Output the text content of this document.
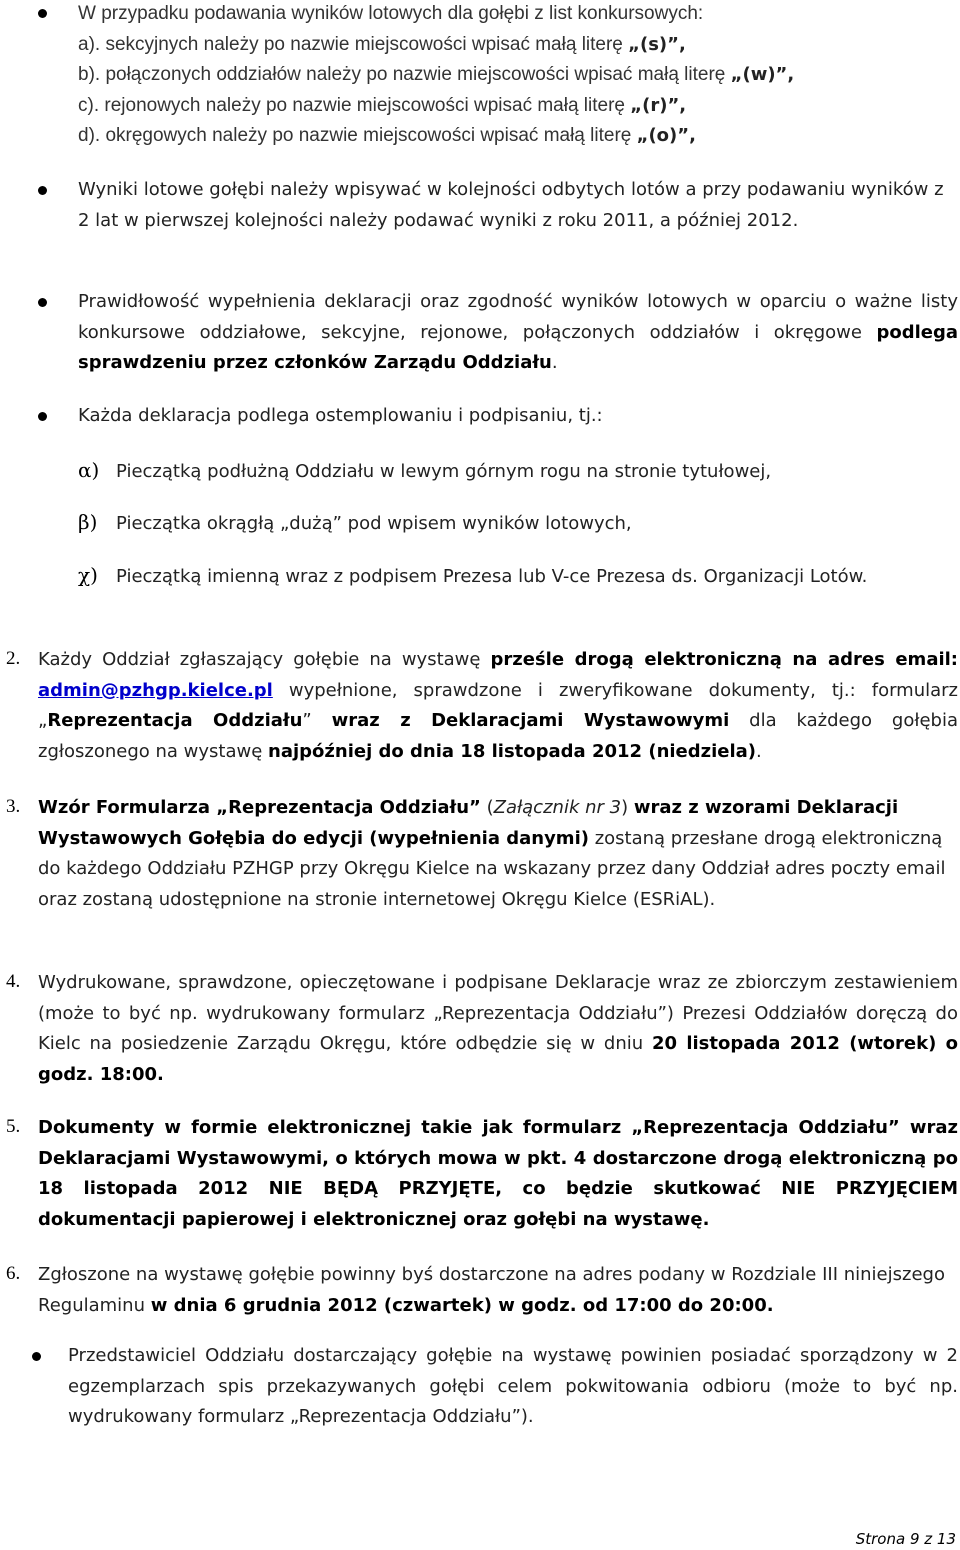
W przypadku podawania wyników lotowych dla gołębi z list konkursowych:
a). sekcyjnych należy po nazwie miejscowości wpisać małą literę „(s)”,
b). połączonych oddziałów należy po nazwie miejscowości wpisać małą literę „(w)”,
c). rejonowych należy po nazwie miejscowości wpisać małą literę „(r)”,
d). okręgowych należy po nazwie miejscowości wpisać małą literę „(o)”,
Wyniki lotowe gołębi należy wpisywać w kolejności odbytych lotów a przy podawaniu wyników z 2 lat w pierwszej kolejności należy podawać wyniki z roku 2011, a później 2012.
Prawidłowość wypełnienia deklaracji oraz zgodność wyników lotowych w oparciu o ważne listy konkursowe oddziałowe, sekcyjne, rejonowe, połączonych oddziałów i okręgowe podlega sprawdzeniu przez członków Zarządu Oddziału.
Każda deklaracja podlega ostemplowaniu i podpisaniu, tj.:
α) Pieczątką podłużną Oddziału w lewym górnym rogu na stronie tytułowej,
β) Pieczątka okrągłą „dużą” pod wpisem wyników lotowych,
χ) Pieczątką imienną wraz z podpisem Prezesa lub V-ce Prezesa ds. Organizacji Lotów.
2. Każdy Oddział zgłaszający gołębie na wystawę prześle drogą elektroniczną na adres email: admin@pzhgp.kielce.pl wypełnione, sprawdzone i zweryfikowane dokumenty, tj.: formularz „Reprezentacja Oddziału” wraz z Deklaracjami Wystawowymi dla każdego gołębia zgłoszonego na wystawę najpóźniej do dnia 18 listopada 2012 (niedziela).
3. Wzór Formularza „Reprezentacja Oddziału” (Załącznik nr 3) wraz z wzorami Deklaracji Wystawowych Gołębia do edycji (wypełnienia danymi) zostaną przesłane drogą elektroniczną do każdego Oddziału PZHGP przy Okręgu Kielce na wskazany przez dany Oddział adres poczty email oraz zostaną udostępnione na stronie internetowej Okręgu Kielce (ESRiAL).
4. Wydrukowane, sprawdzone, opieczętowane i podpisane Deklaracje wraz ze zbiorczym zestawieniem (może to być np. wydrukowany formularz „Reprezentacja Oddziału”) Prezesi Oddziałów doręczą do Kielc na posiedzenie Zarządu Okręgu, które odbędzie się w dniu 20 listopada 2012 (wtorek) o godz. 18:00.
5. Dokumenty w formie elektronicznej takie jak formularz „Reprezentacja Oddziału” wraz Deklaracjami Wystawowymi, o których mowa w pkt. 4 dostarczone drogą elektroniczną po 18 listopada 2012 NIE BĘDĄ PRZYJĘTE, co będzie skutkować NIE PRZYJĘCIEM dokumentacji papierowej i elektronicznej oraz gołębi na wystawę.
6. Zgłoszone na wystawę gołębie powinny byś dostarczone na adres podany w Rozdziale III niniejszego Regulaminu w dnia 6 grudnia 2012 (czwartek) w godz. od 17:00 do 20:00.
Przedstawiciel Oddziału dostarczający gołębie na wystawę powinien posiadać sporządzony w 2 egzemplarzach spis przekazywanych gołębi celem pokwitowania odbioru (może to być np. wydrukowany formularz „Reprezentacja Oddziału”).
Strona 9 z 13
